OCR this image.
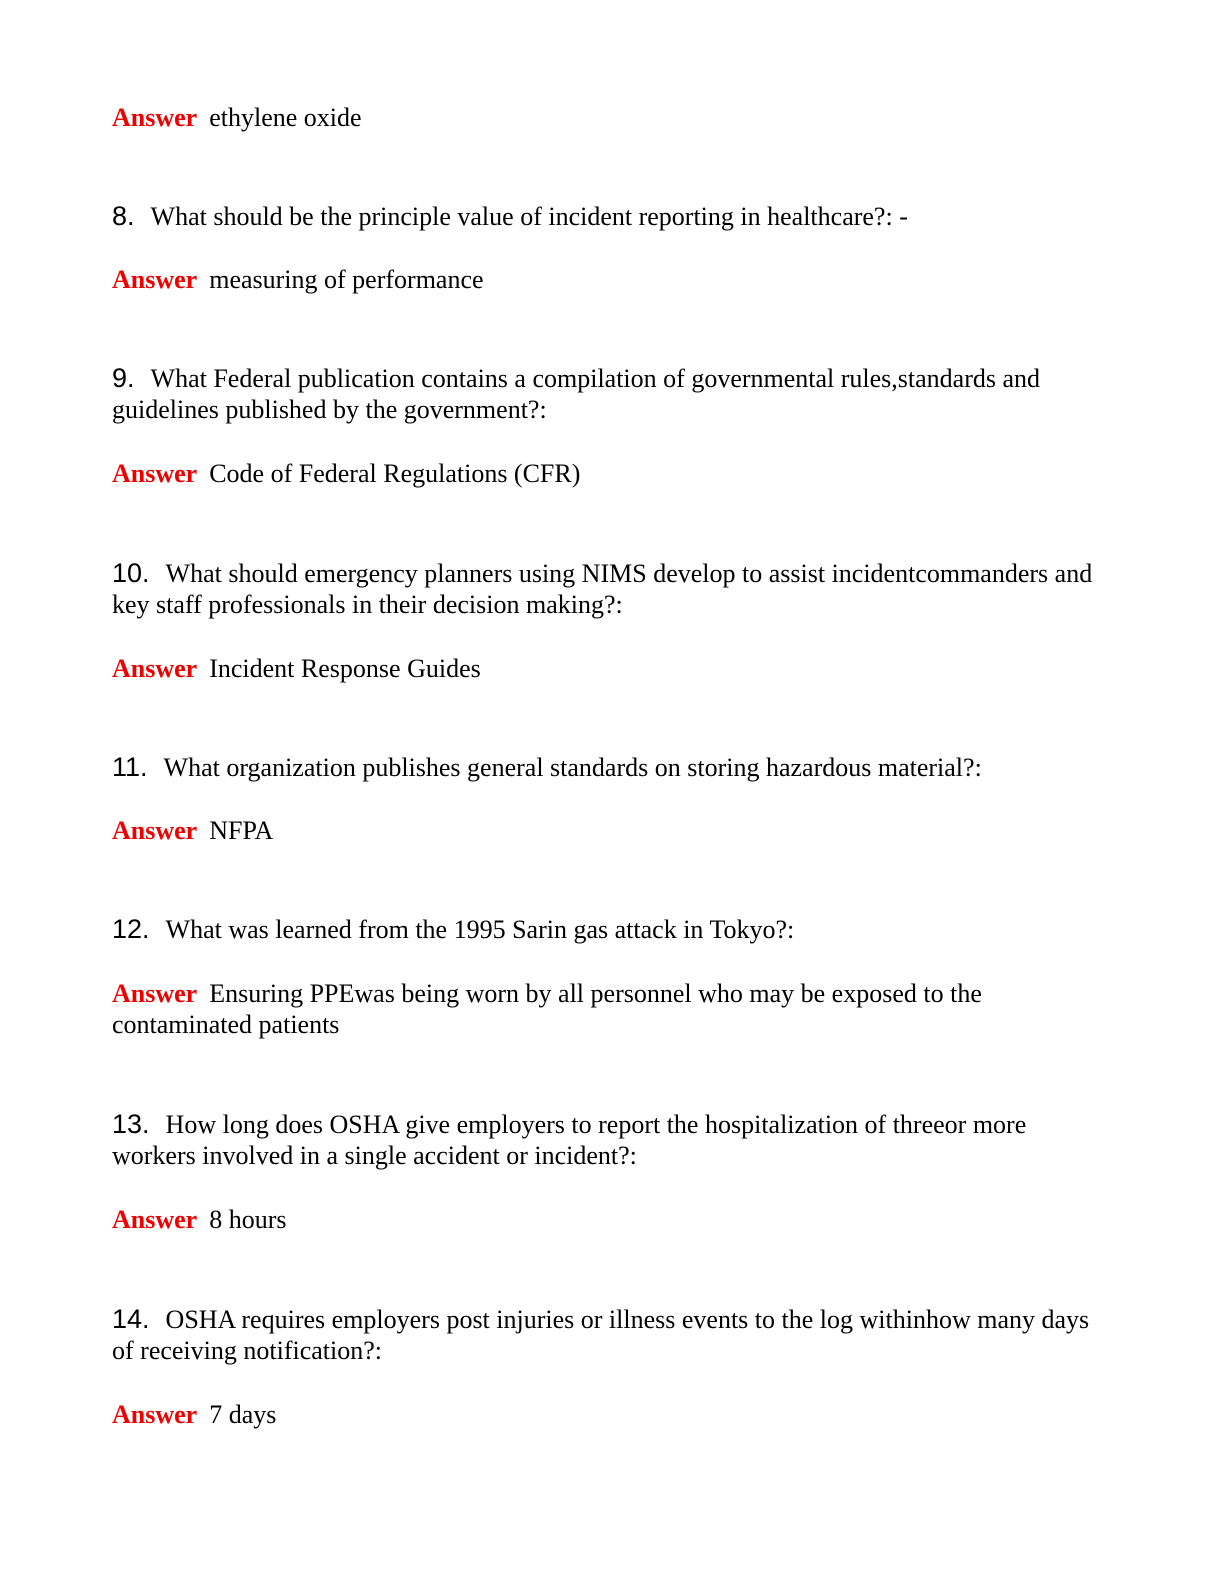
Answer ethylene oxide
8. What should be the principle value of incident reporting in healthcare?: -
Answer measuring of performance
9. What Federal publication contains a compilation of governmental rules,standards and guidelines published by the government?:
Answer Code of Federal Regulations (CFR)
10. What should emergency planners using NIMS develop to assist incidentcommanders and key staff professionals in their decision making?:
Answer Incident Response Guides
11. What organization publishes general standards on storing hazardous material?:
Answer NFPA
12. What was learned from the 1995 Sarin gas attack in Tokyo?:
Answer Ensuring PPEwas being worn by all personnel who may be exposed to the contaminated patients
13. How long does OSHA give employers to report the hospitalization of threeor more workers involved in a single accident or incident?:
Answer 8 hours
14. OSHA requires employers post injuries or illness events to the log withinhow many days of receiving notification?:
Answer 7 days
